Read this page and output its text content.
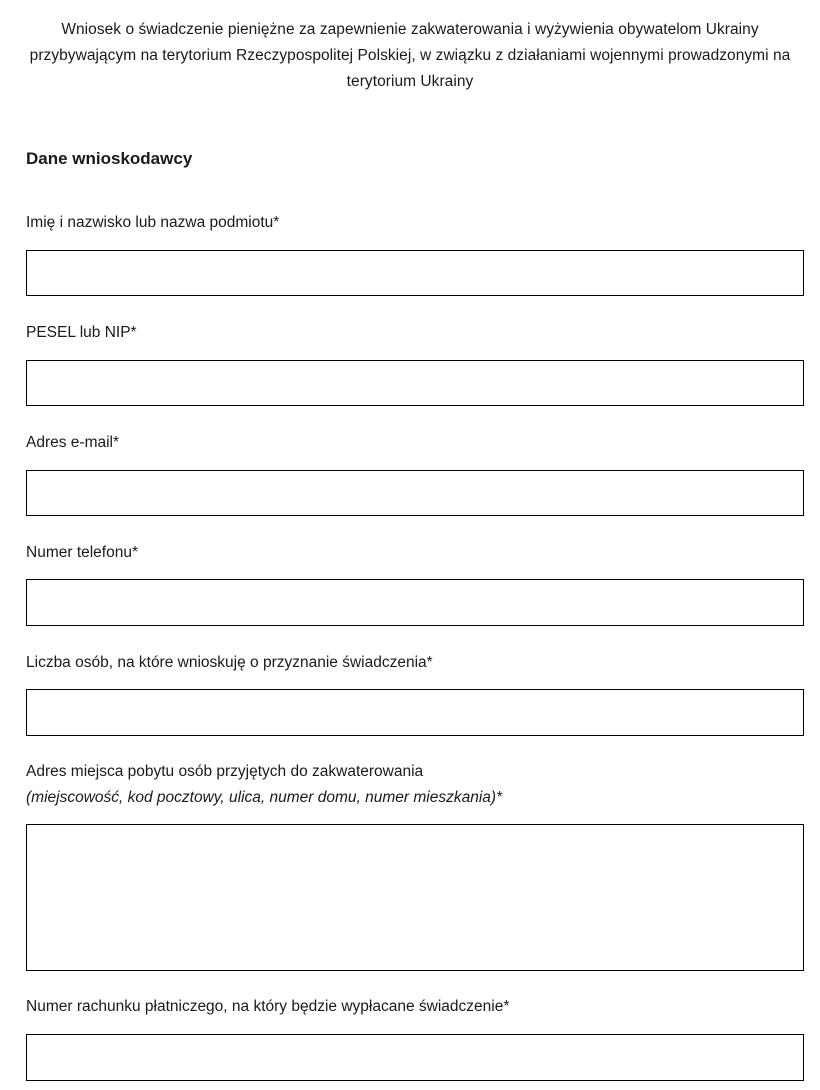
Wniosek o świadczenie pieniężne za zapewnienie zakwaterowania i wyżywienia obywatelom Ukrainy przybywającym na terytorium Rzeczypospolitej Polskiej, w związku z działaniami wojennymi prowadzonymi na terytorium Ukrainy
Dane wnioskodawcy
Imię i nazwisko lub nazwa podmiotu*
PESEL lub NIP*
Adres e-mail*
Numer telefonu*
Liczba osób, na które wnioskuję o przyznanie świadczenia*
Adres miejsca pobytu osób przyjętych do zakwaterowania
(miejscowość, kod pocztowy, ulica, numer domu, numer mieszkania)*
Numer rachunku płatniczego, na który będzie wypłacane świadczenie*
